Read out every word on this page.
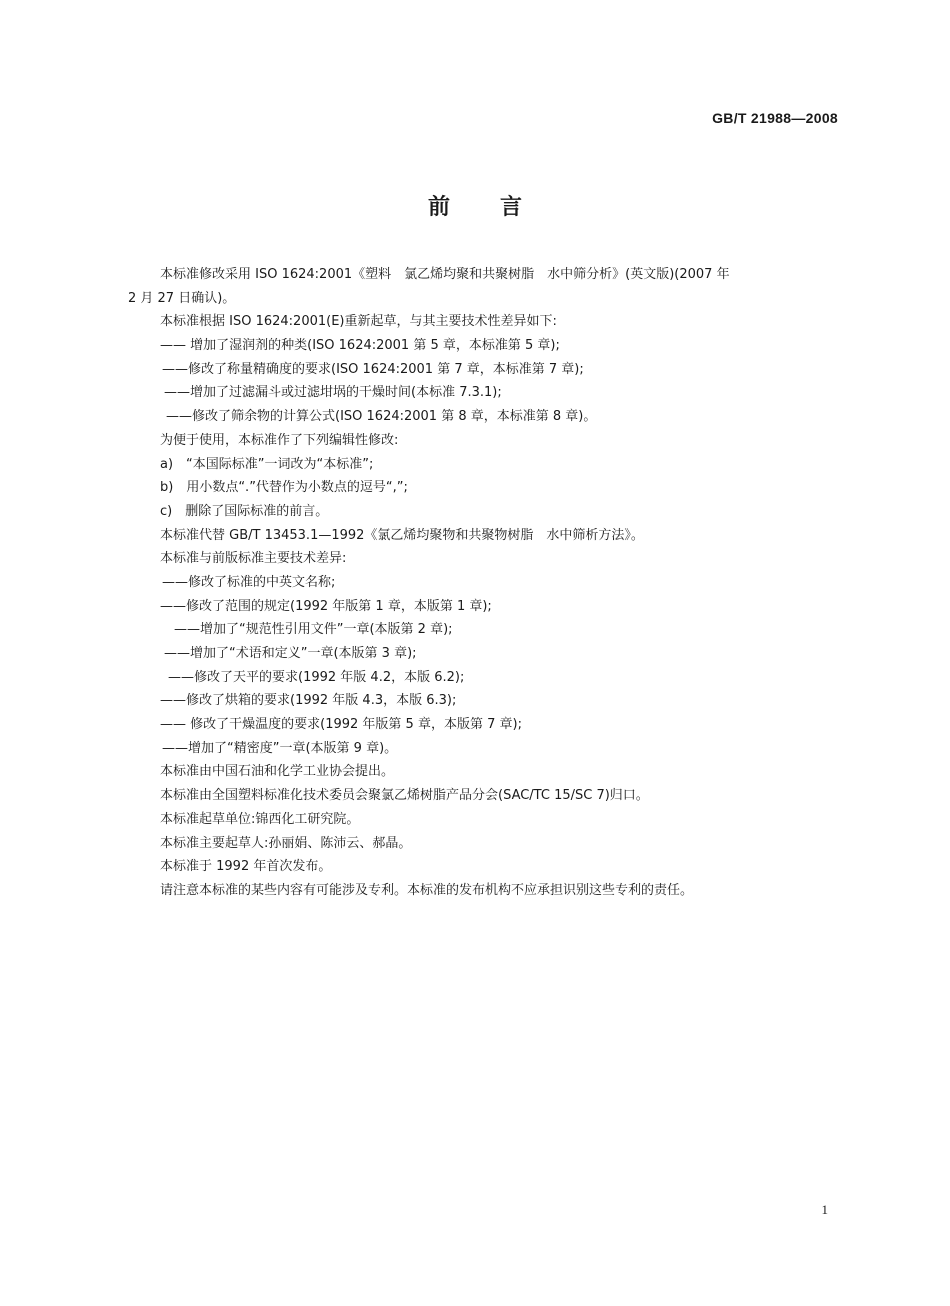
GB/T 21988—2008
前言
本标准修改采用 ISO 1624:2001《塑料　氯乙烯均聚和共聚树脂　水中筛分析》(英文版)(2007 年
2 月 27 日确认)。
本标准根据 ISO 1624:2001(E)重新起草，与其主要技术性差异如下:
—— 增加了湿润剂的种类(ISO 1624:2001 第 5 章，本标准第 5 章);
——修改了称量精确度的要求(ISO 1624:2001 第 7 章，本标准第 7 章);
——增加了过滤漏斗或过滤坩埚的干燥时间(本标准 7.3.1);
——修改了筛余物的计算公式(ISO 1624:2001 第 8 章，本标准第 8 章)。
为便于使用，本标准作了下列编辑性修改:
a)　“本国际标准”一词改为“本标准”;
b)　用小数点“.”代替作为小数点的逗号“,”;
c)　删除了国际标准的前言。
本标准代替 GB/T 13453.1—1992《氯乙烯均聚物和共聚物树脂　水中筛析方法》。
本标准与前版标准主要技术差异:
——修改了标准的中英文名称;
——修改了范围的规定(1992 年版第 1 章，本版第 1 章);
——增加了“规范性引用文件”一章(本版第 2 章);
——增加了“术语和定义”一章(本版第 3 章);
——修改了天平的要求(1992 年版 4.2，本版 6.2);
——修改了烘箱的要求(1992 年版 4.3，本版 6.3);
—— 修改了干燥温度的要求(1992 年版第 5 章，本版第 7 章);
——增加了“精密度”一章(本版第 9 章)。
本标准由中国石油和化学工业协会提出。
本标准由全国塑料标准化技术委员会聚氯乙烯树脂产品分会(SAC/TC 15/SC 7)归口。
本标准起草单位:锦西化工研究院。
本标准主要起草人:孙丽娟、陈沛云、郝晶。
本标准于 1992 年首次发布。
请注意本标准的某些内容有可能涉及专利。本标准的发布机构不应承担识别这些专利的责任。
1
